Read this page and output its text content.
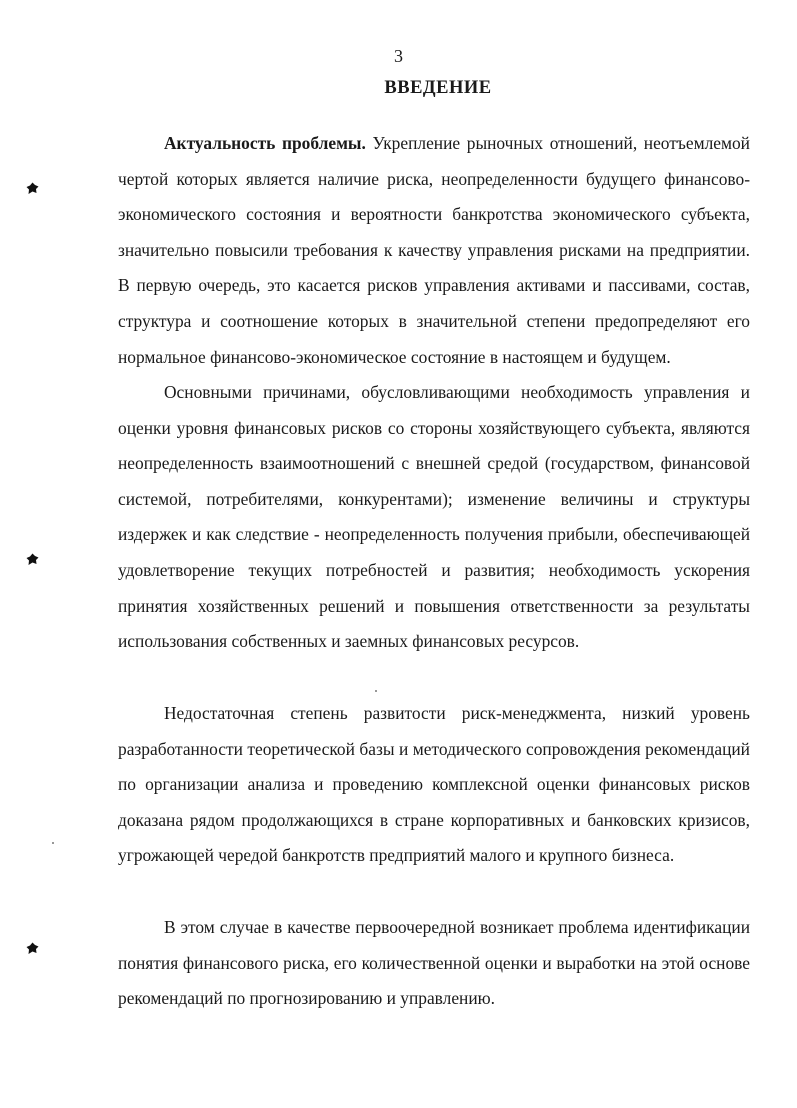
3
ВВЕДЕНИЕ

Актуальность проблемы. Укрепление рыночных отношений, неотъемлемой чертой которых является наличие риска, неопределенности будущего финансово-экономического состояния и вероятности банкротства экономического субъекта, значительно повысили требования к качеству управления рисками на предприятии. В первую очередь, это касается рисков управления активами и пассивами, состав, структура и соотношение которых в значительной степени предопределяют его нормальное финансово-экономическое состояние в настоящем и будущем.

Основными причинами, обусловливающими необходимость управления и оценки уровня финансовых рисков со стороны хозяйствующего субъекта, являются неопределенность взаимоотношений с внешней средой (государством, финансовой системой, потребителями, конкурентами); изменение величины и структуры издержек и как следствие - неопределенность получения прибыли, обеспечивающей удовлетворение текущих потребностей и развития; необходимость ускорения принятия хозяйственных решений и повышения ответственности за результаты использования собственных и заемных финансовых ресурсов.

Недостаточная степень развитости риск-менеджмента, низкий уровень разработанности теоретической базы и методического сопровождения рекомендаций по организации анализа и проведению комплексной оценки финансовых рисков доказана рядом продолжающихся в стране корпоративных и банковских кризисов, угрожающей чередой банкротств предприятий малого и крупного бизнеса.

В этом случае в качестве первоочередной возникает проблема идентификации понятия финансового риска, его количественной оценки и выработки на этой основе рекомендаций по прогнозированию и управлению.
